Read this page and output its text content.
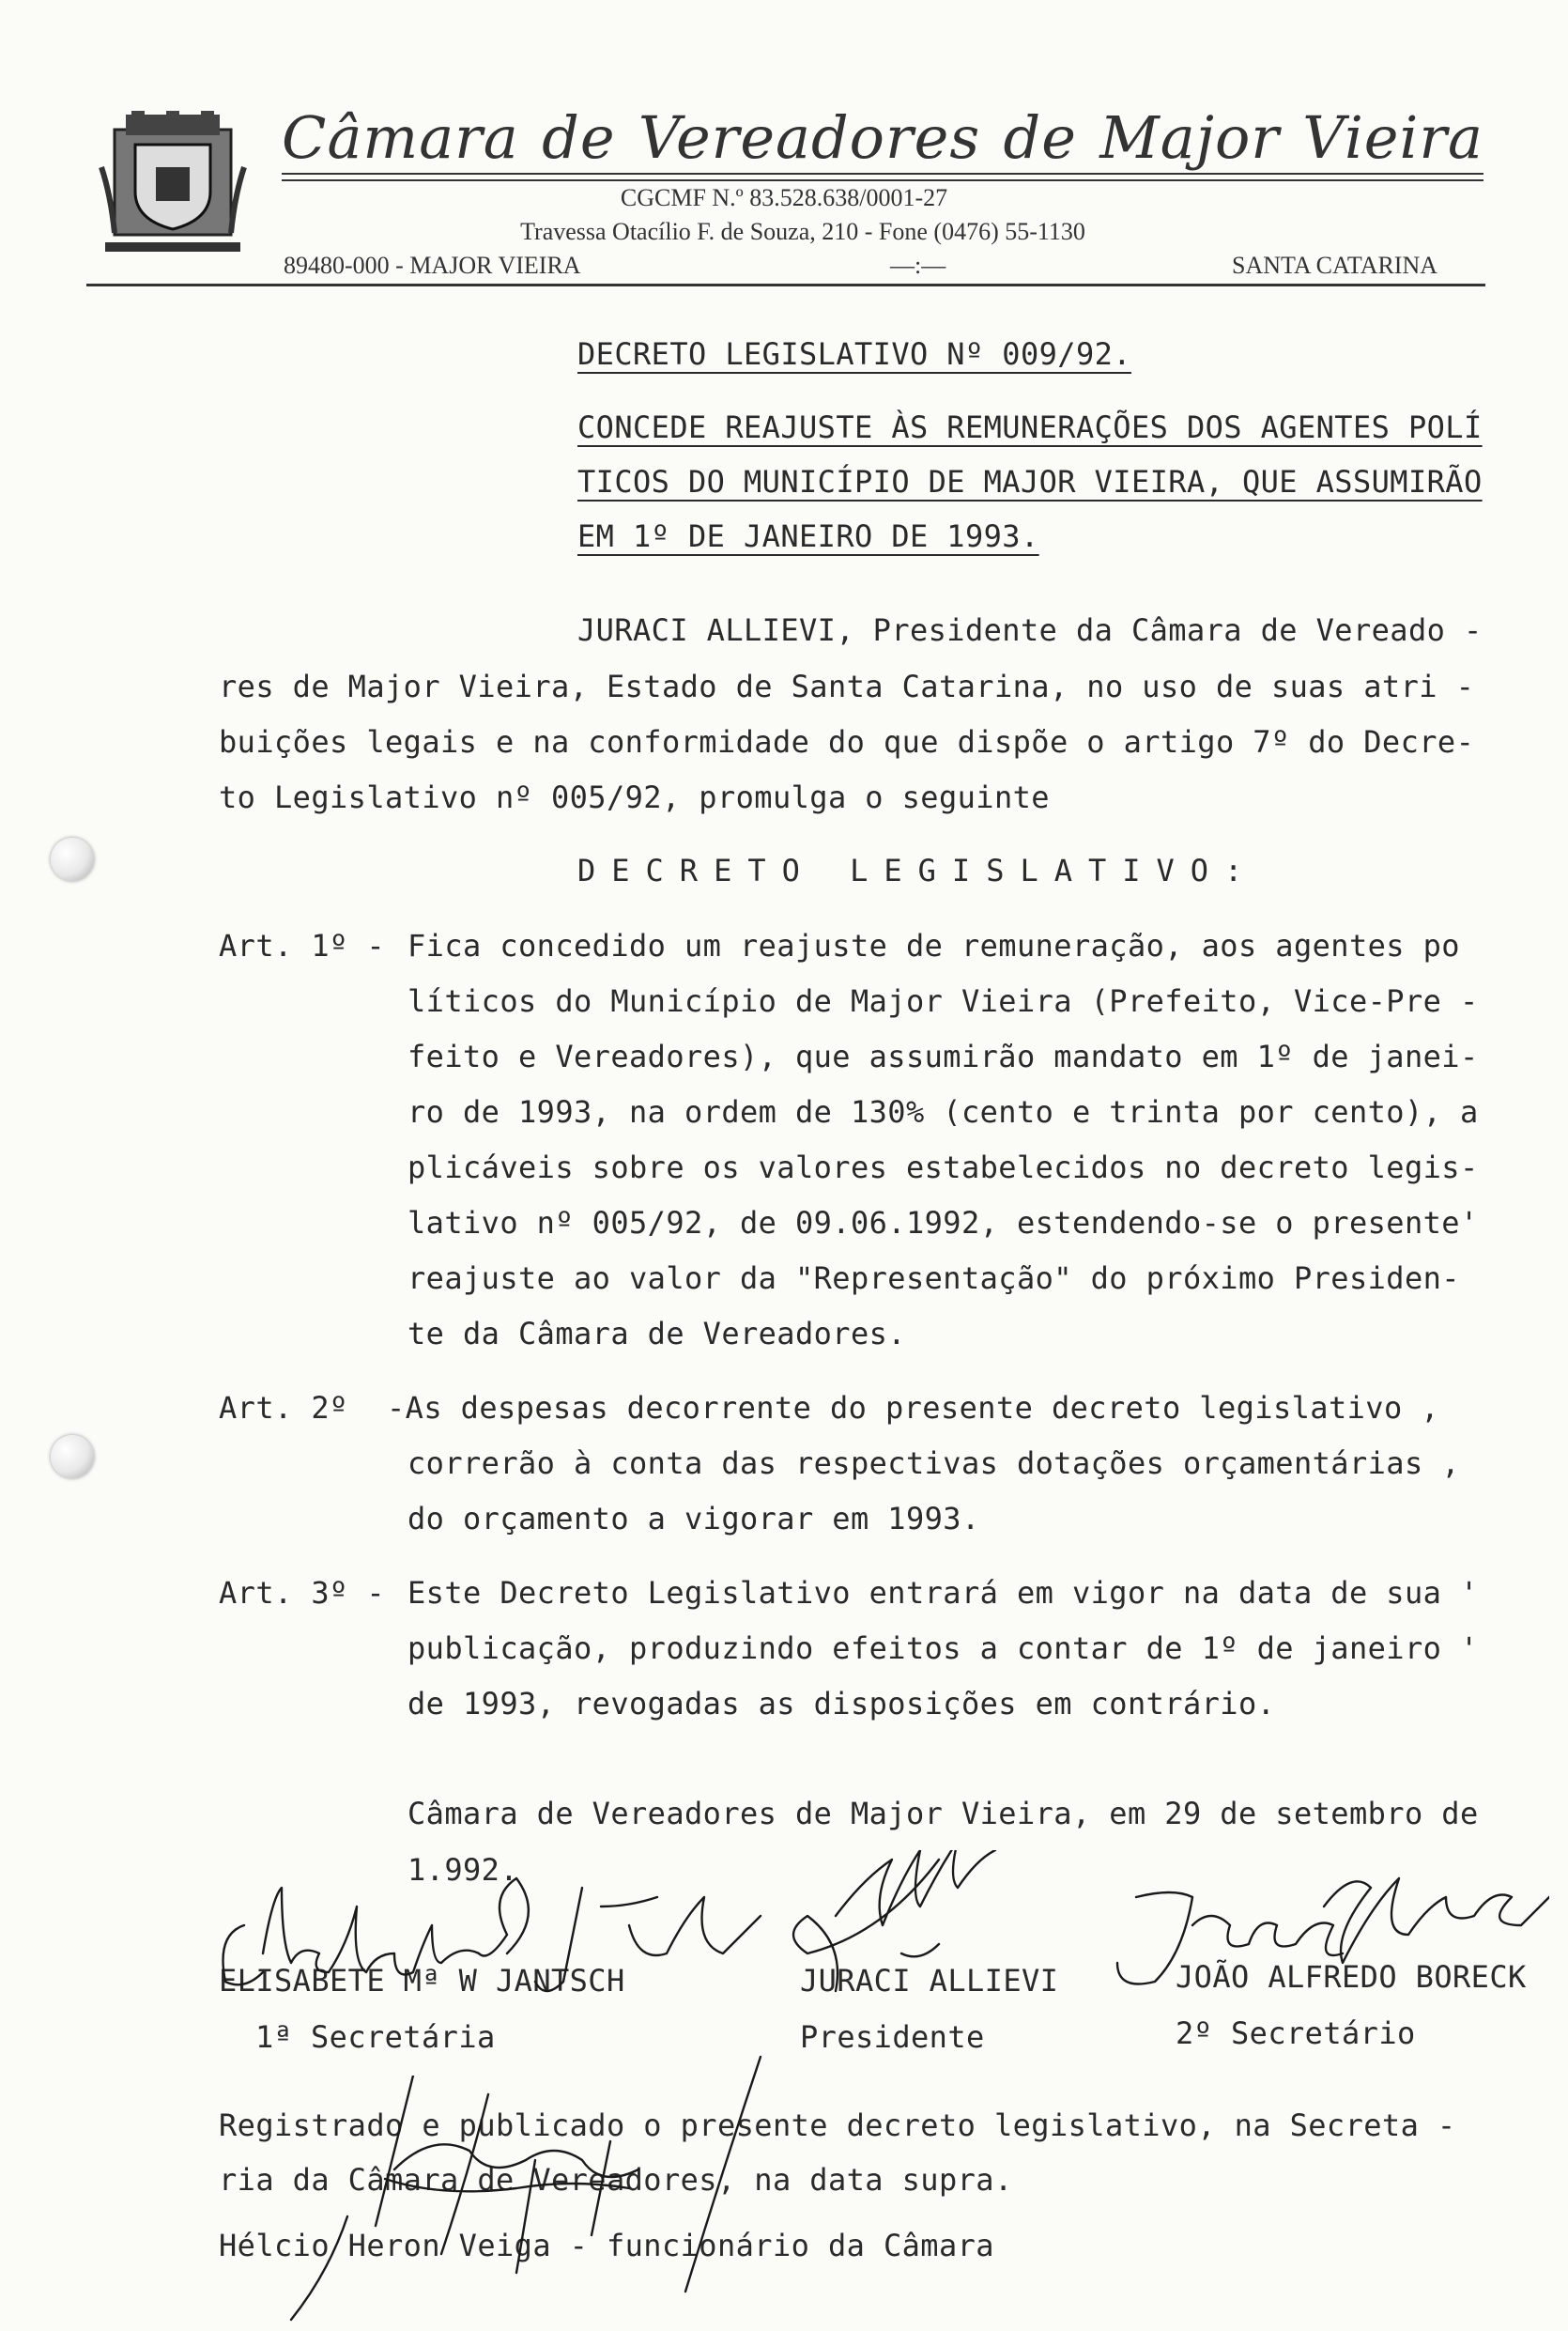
Câmara de Vereadores de Major Vieira
CGCMF N.º 83.528.638/0001-27
Travessa Otacílio F. de Souza, 210 - Fone (0476) 55-1130
89480-000 - MAJOR VIEIRA	—:—	SANTA CATARINA
DECRETO LEGISLATIVO Nº 009/92.
CONCEDE REAJUSTE ÀS REMUNERAÇÕES DOS AGENTES POLÍ
TICOS DO MUNICÍPIO DE MAJOR VIEIRA, QUE ASSUMIRÃO
EM 1º DE JANEIRO DE 1993.
JURACI ALLIEVI, Presidente da Câmara de Vereado -
res de Major Vieira, Estado de Santa Catarina, no uso de suas atri -
buições legais e na conformidade do que dispõe o artigo 7º do Decre-
to Legislativo nº 005/92, promulga o seguinte
DECRETO LEGISLATIVO:
Art. 1º - Fica concedido um reajuste de remuneração, aos agentes po
líticos do Município de Major Vieira (Prefeito, Vice-Pre -
feito e Vereadores), que assumirão mandato em 1º de janei-
ro de 1993, na ordem de 130% (cento e trinta por cento), a
plicáveis sobre os valores estabelecidos no decreto legis-
lativo nº 005/92, de 09.06.1992, estendendo-se o presente'
reajuste ao valor da "Representação" do próximo Presiden-
te da Câmara de Vereadores.
Art. 2º -As despesas decorrente do presente decreto legislativo ,
correrão à conta das respectivas dotações orçamentárias ,
do orçamento a vigorar em 1993.
Art. 3º - Este Decreto Legislativo entrará em vigor na data de sua '
publicação, produzindo efeitos a contar de 1º de janeiro '
de 1993, revogadas as disposições em contrário.
Câmara de Vereadores de Major Vieira, em 29 de setembro de
1.992.
ELISABETE Mª W JANTSCH
1ª Secretária
JURACI ALLIEVI
Presidente
JOÃO ALFREDO BORECK
2º Secretário
Registrado e publicado o presente decreto legislativo, na Secreta -
ria da Câmara de Vereadores, na data supra.
Hélcio Heron Veiga - funcionário da Câmara
